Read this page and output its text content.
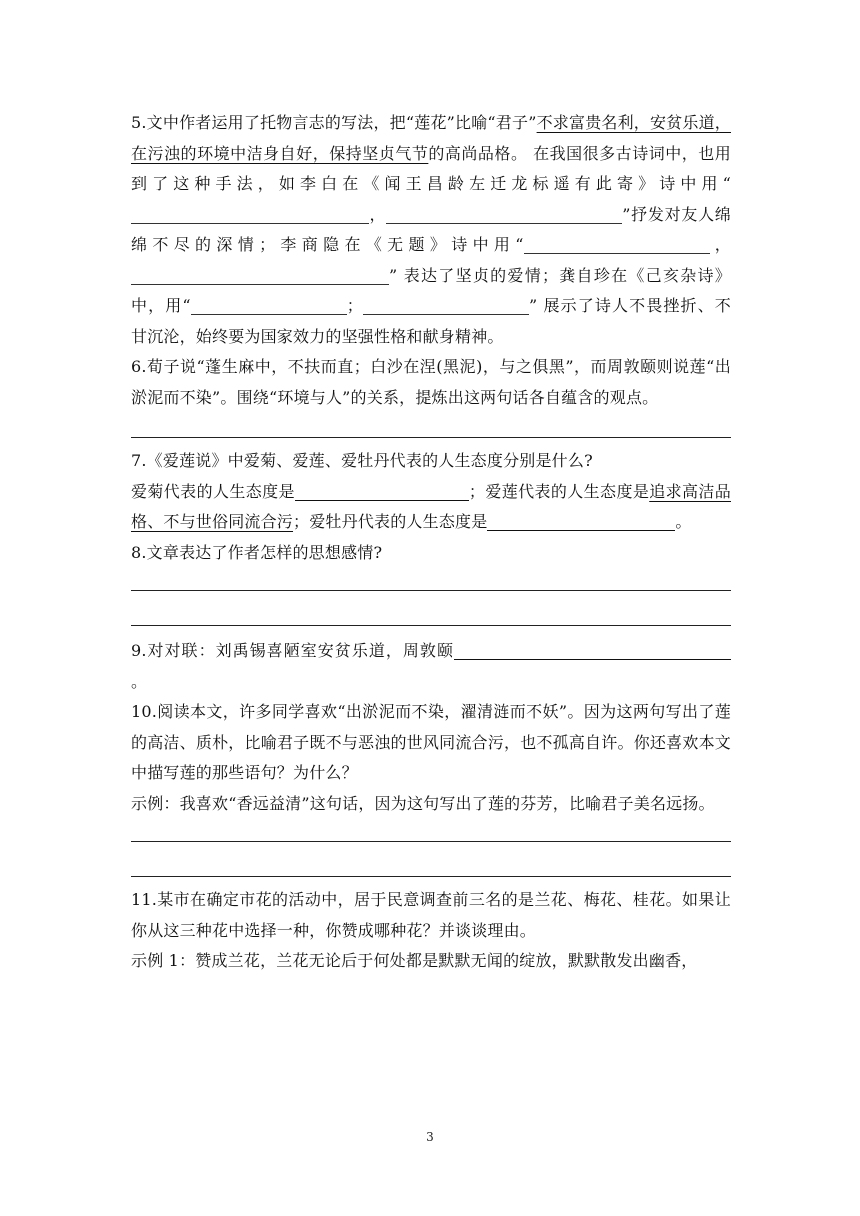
5.文中作者运用了托物言志的写法，把“莲花”比喻“君子”不求富贵名利，安贫乐道，在污浊的环境中洁身自好，保持坚贞气节的高尚品格。 在我国很多古诗词中，也用到了这种手法，如李白在《闻王昌龄左迁龙标遥有此寄》诗中用“，	”抒发对友人绵绵不尽的深情；李商隐在《无题》诗中用“	，” 表达了坚贞的爱情；龚自珍在《己亥杂诗》中，用“	；	” 展示了诗人不畏挫折、不甘沉沦，始终要为国家效力的坚强性格和献身精神。

6.荀子说“蓬生麻中，不扶而直；白沙在涅(黑泥)，与之俱黑”，而周敦颐则说莲“出淤泥而不染”。围绕“环境与人”的关系，提炼出这两句话各自蕴含的观点。

7.《爱莲说》中爱菊、爱莲、爱牡丹代表的人生态度分别是什么?

爱菊代表的人生态度是	；爱莲代表的人生态度是追求高洁品格、不与世俗同流合污；爱牡丹代表的人生态度是	。

8.文章表达了作者怎样的思想感情?

9.对对联：刘禹锡喜陋室安贫乐道，周敦颐。

10.阅读本文，许多同学喜欢“出淤泥而不染，濯清涟而不妖”。因为这两句写出了莲的高洁、质朴，比喻君子既不与恶浊的世风同流合污，也不孤高自许。你还喜欢本文中描写莲的那些语句？为什么？

示例：我喜欢“香远益清”这句话，因为这句写出了莲的芬芳，比喻君子美名远扬。

11.某市在确定市花的活动中，居于民意调查前三名的是兰花、梅花、桂花。如果让你从这三种花中选择一种，你赞成哪种花？并谈谈理由。

示例 1：赞成兰花，兰花无论后于何处都是默默无闻的绽放，默默散发出幽香，

3
